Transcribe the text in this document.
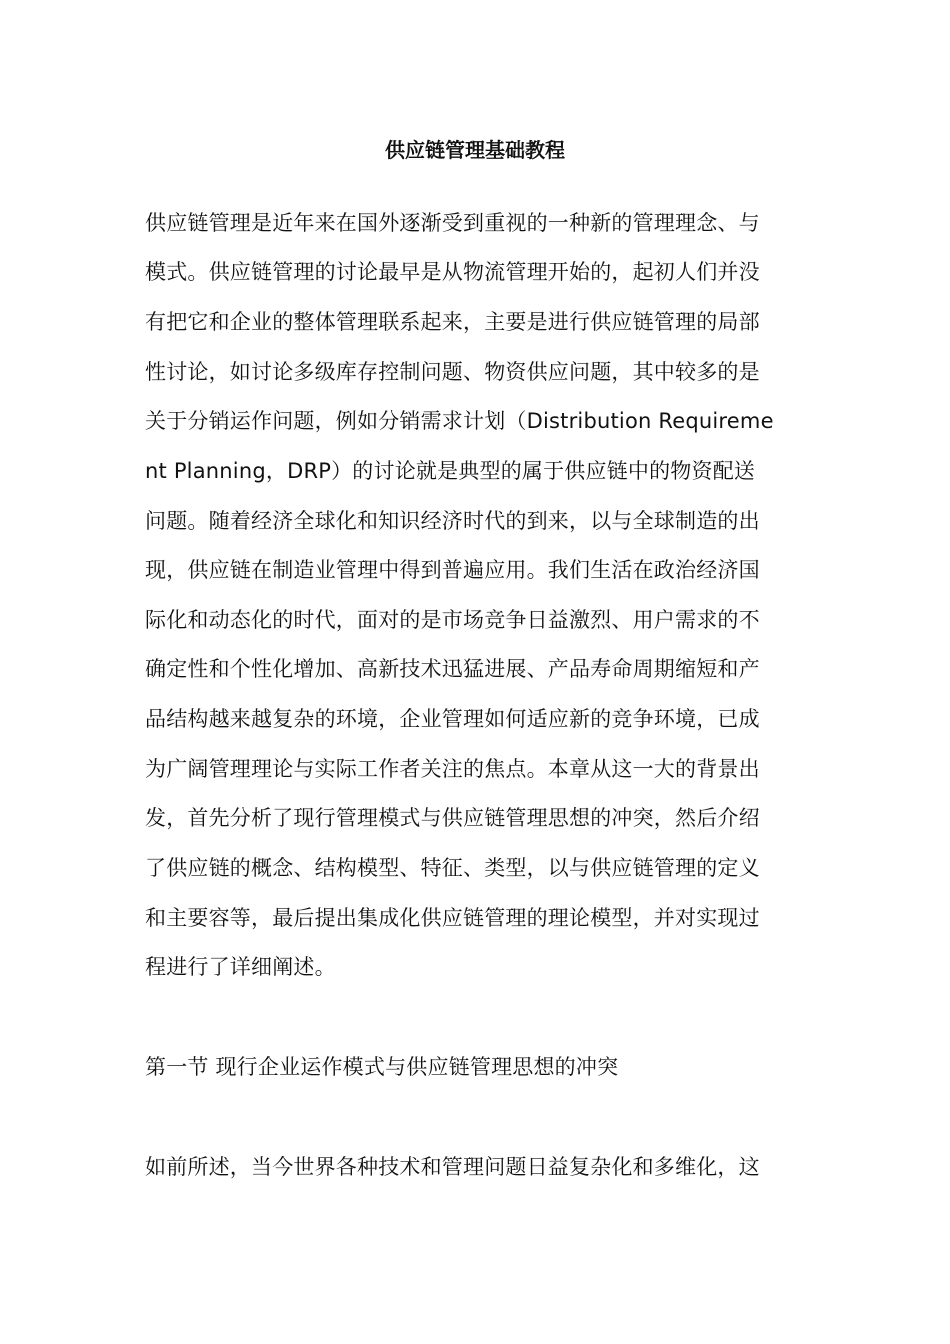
供应链管理基础教程
供应链管理是近年来在国外逐渐受到重视的一种新的管理理念、与
模式。供应链管理的讨论最早是从物流管理开始的，起初人们并没
有把它和企业的整体管理联系起来，主要是进行供应链管理的局部
性讨论，如讨论多级库存控制问题、物资供应问题，其中较多的是
关于分销运作问题，例如分销需求计划（Distribution Requireme
nt Planning，DRP）的讨论就是典型的属于供应链中的物资配送
问题。随着经济全球化和知识经济时代的到来，以与全球制造的出
现，供应链在制造业管理中得到普遍应用。我们生活在政治经济国
际化和动态化的时代，面对的是市场竞争日益激烈、用户需求的不
确定性和个性化增加、高新技术迅猛进展、产品寿命周期缩短和产
品结构越来越复杂的环境，企业管理如何适应新的竞争环境，已成
为广阔管理理论与实际工作者关注的焦点。本章从这一大的背景出
发，首先分析了现行管理模式与供应链管理思想的冲突，然后介绍
了供应链的概念、结构模型、特征、类型，以与供应链管理的定义
和主要容等，最后提出集成化供应链管理的理论模型，并对实现过
程进行了详细阐述。
第一节 现行企业运作模式与供应链管理思想的冲突
如前所述，当今世界各种技术和管理问题日益复杂化和多维化，这
